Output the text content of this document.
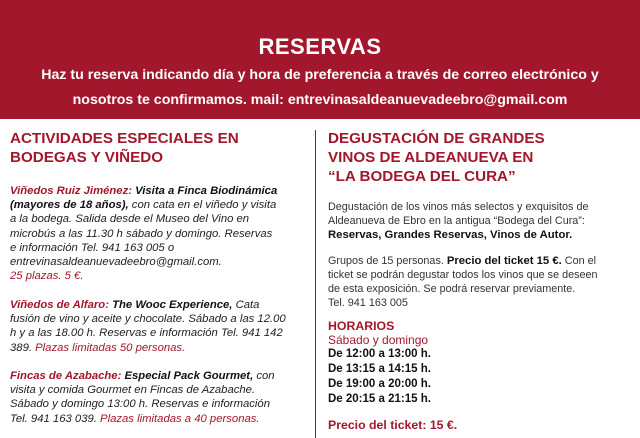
RESERVAS
Haz tu reserva indicando día y hora de preferencia a través de correo electrónico y
nosotros te confirmamos. mail: entrevinasaldeanuevadeebro@gmail.com
ACTIVIDADES ESPECIALES EN
BODEGAS Y VIÑEDO
Viñedos Ruiz Jiménez: Visita a Finca Biodinámica
(mayores de 18 años), con cata en el viñedo y visita
a la bodega. Salida desde el Museo del Vino en
microbús a las 11.30 h sábado y domingo. Reservas
e información Tel. 941 163 005 o
entrevinasaldeanuevadeebro@gmail.com.
25 plazas. 5 €.
Viñedos de Alfaro: The Wooc Experience, Cata
fusión de vino y aceite y chocolate. Sábado a las 12.00
h y a las 18.00 h. Reservas e información Tel. 941 142
389. Plazas limitadas 50 personas.
Fincas de Azabache: Especial Pack Gourmet, con
visita y comida Gourmet en Fincas de Azabache.
Sábado y domingo 13:00 h. Reservas e información
Tel. 941 163 039. Plazas limitadas a 40 personas.
DEGUSTACIÓN DE GRANDES
VINOS DE ALDEANUEVA EN
“LA BODEGA DEL CURA”
Degustación de los vinos más selectos y exquisitos de
Aldeanueva de Ebro en la antigua “Bodega del Cura”:
Reservas, Grandes Reservas, Vinos de Autor.
Grupos de 15 personas. Precio del ticket 15 €. Con el
ticket se podrán degustar todos los vinos que se deseen
de esta exposición. Se podrá reservar previamente.
Tel. 941 163 005
HORARIOS
Sábado y domingo
De 12:00 a 13:00 h.
De 13:15 a 14:15 h.
De 19:00 a 20:00 h.
De 20:15 a 21:15 h.
Precio del ticket: 15 €.
